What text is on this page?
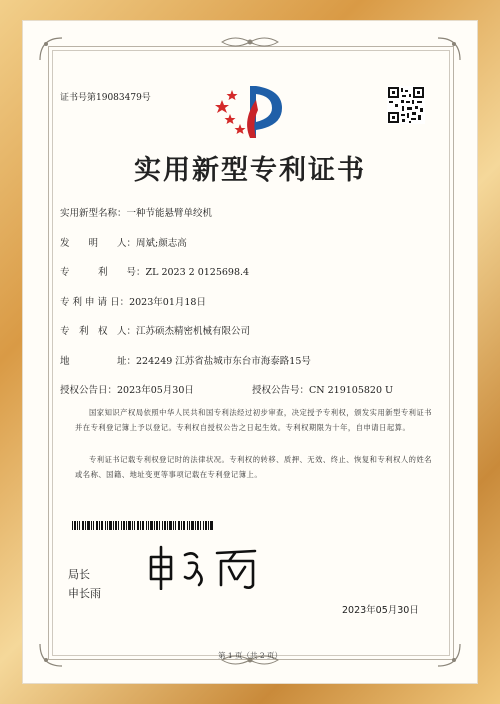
证书号第19083479号
实用新型专利证书
实用新型名称：一种节能悬臂单绞机
发　　明　　人：周斌;颜志高
专　　　利　　号：ZL 2023 2 0125698.4
专 利 申 请 日：2023年01月18日
专　利　权　人：江苏硕杰精密机械有限公司
地　　　　　址：224249 江苏省盐城市东台市海泰路15号
授权公告日：2023年05月30日	授权公告号：CN 219105820 U
国家知识产权局依照中华人民共和国专利法经过初步审查，决定授予专利权，颁发实用新型专利证书并在专利登记簿上予以登记。专利权自授权公告之日起生效。专利权期限为十年，自申请日起算。
专利证书记载专利权登记时的法律状况。专利权的转移、质押、无效、终止、恢复和专利权人的姓名或名称、国籍、地址变更等事项记载在专利登记簿上。
局长
申长雨
2023年05月30日
第 1 页（共 2 页）
